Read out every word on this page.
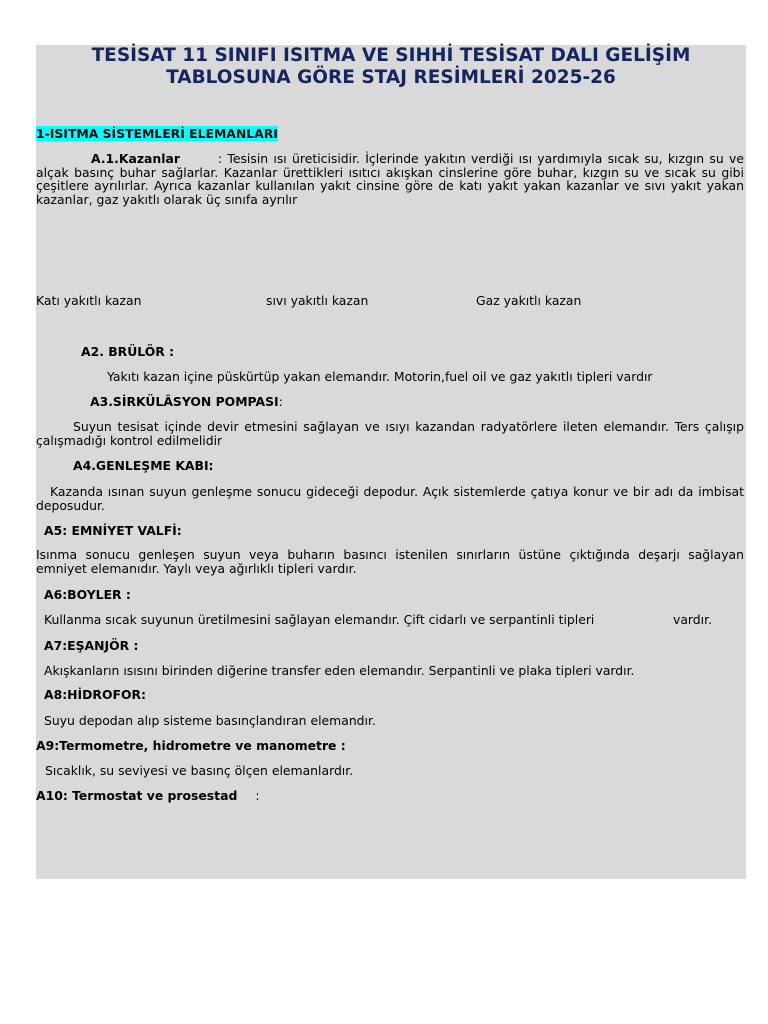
TESİSAT 11 SINIFI ISITMA VE SIHHİ TESİSAT DALI GELİŞİM
TABLOSUNA GÖRE STAJ RESİMLERİ 2025-26
1-ISITMA SİSTEMLERİ ELEMANLARI
A.1.Kazanlar	: Tesisin ısı üreticisidir. İçlerinde yakıtın verdiği ısı yardımıyla sıcak su, kızgın su ve alçak basınç buhar sağlarlar. Kazanlar ürettikleri ısıtıcı akışkan cinslerine göre buhar, kızgın su ve sıcak su gibi çeşitlere ayrılırlar. Ayrıca kazanlar kullanılan yakıt cinsine göre de katı yakıt yakan kazanlar ve sıvı yakıt yakan kazanlar, gaz yakıtlı olarak üç sınıfa ayrılır
Katı yakıtlı kazan	sıvı yakıtlı kazan	Gaz yakıtlı kazan
A2. BRÜLÖR :
Yakıtı kazan içine püskürtüp yakan elemandır. Motorin,fuel oil ve gaz yakıtlı tipleri vardır
A3.SİRKÜLÂSYON POMPASI:
Suyun tesisat içinde devir etmesini sağlayan ve ısıyı kazandan radyatörlere ileten elemandır. Ters çalışıp çalışmadığı kontrol edilmelidir
A4.GENLEŞME KABI:
Kazanda ısınan suyun genleşme sonucu gideceği depodur. Açık sistemlerde çatıya konur ve bir adı da imbisat deposudur.
A5: EMNİYET VALFİ:
Isınma sonucu genleşen suyun veya buharın basıncı istenilen sınırların üstüne çıktığında deşarjı sağlayan emniyet elemanıdır. Yaylı veya ağırlıklı tipleri vardır.
A6:BOYLER :
Kullanma sıcak suyunun üretilmesini sağlayan elemandır. Çift cidarlı ve serpantinli tipleri	vardır.
A7:EŞANJÖR :
Akışkanların ısısını birinden diğerine transfer eden elemandır. Serpantinli ve plaka tipleri vardır.
A8:HİDROFOR:
Suyu depodan alıp sisteme basınçlandıran elemandır.
A9:Termometre, hidrometre ve manometre :
Sıcaklık, su seviyesi ve basınç ölçen elemanlardır.
A10: Termostat ve prosestad :
